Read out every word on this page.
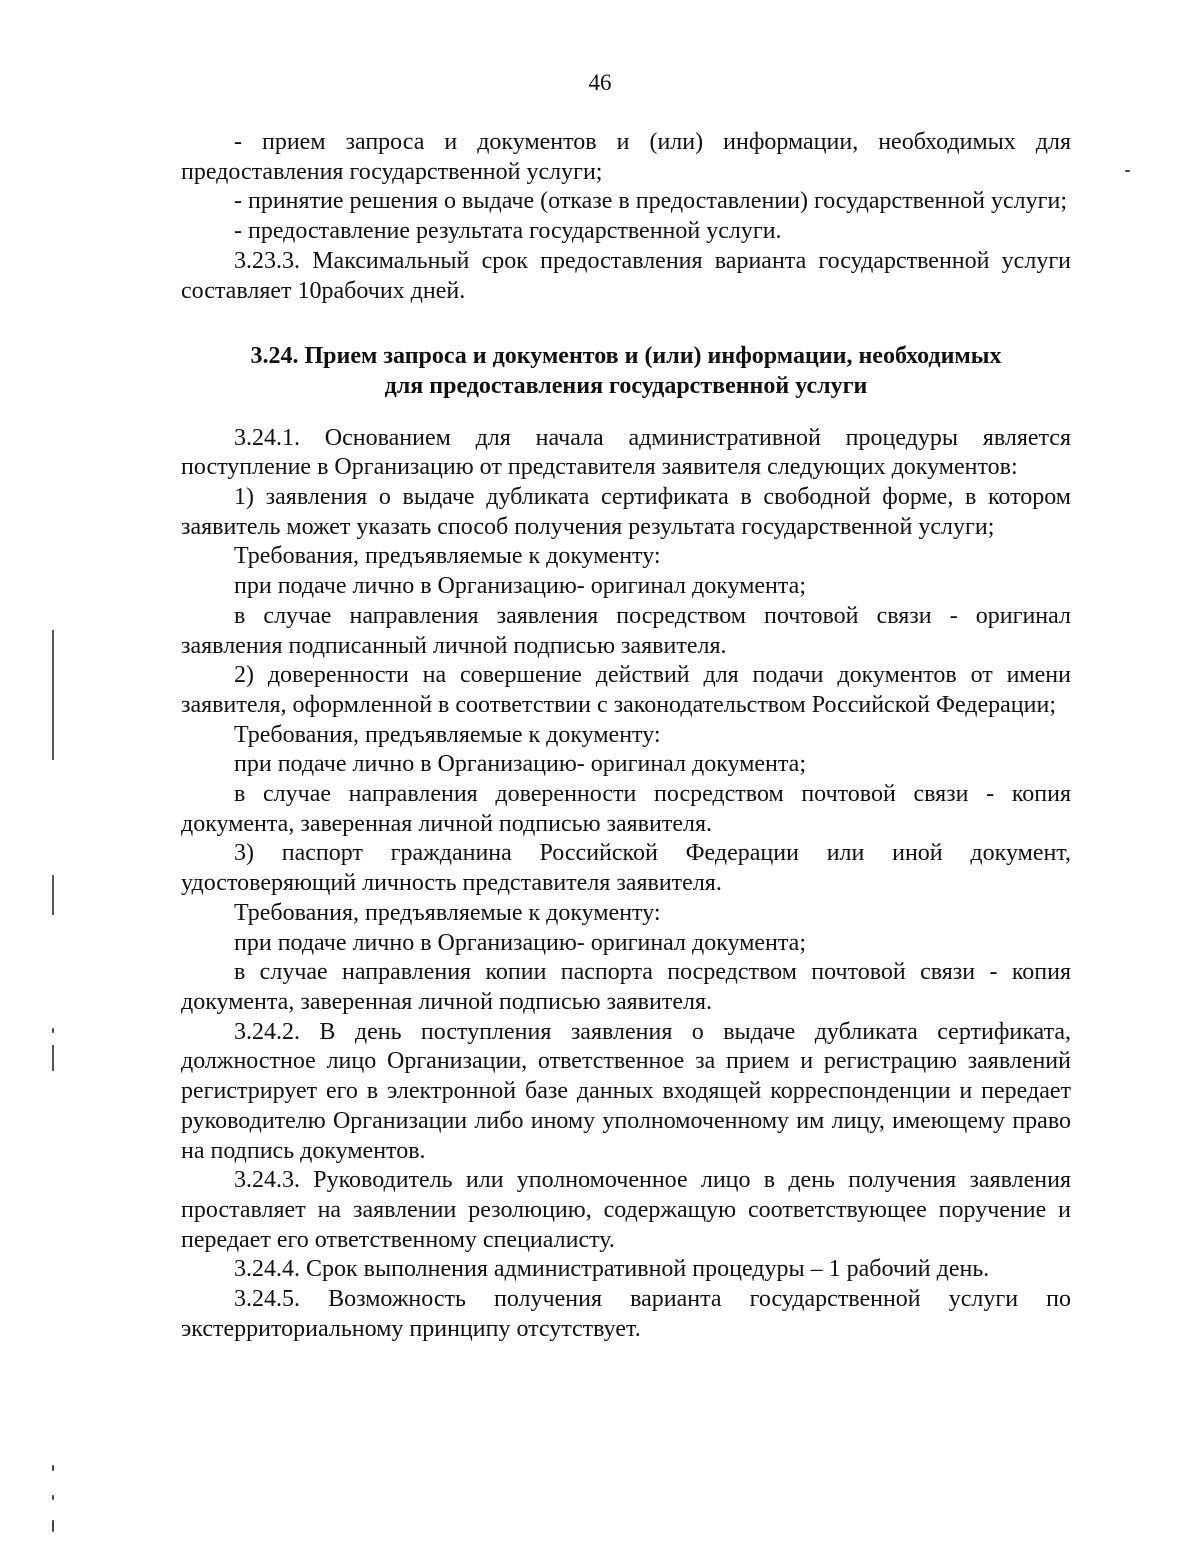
46

- прием запроса и документов и (или) информации, необходимых для предоставления государственной услуги;

- принятие решения о выдаче (отказе в предоставлении) государственной услуги;

- предоставление результата государственной услуги.

3.23.3. Максимальный срок предоставления варианта государственной услуги составляет 10рабочих дней.

3.24. Прием запроса и документов и (или) информации, необходимых
для предоставления государственной услуги

3.24.1. Основанием для начала административной процедуры является поступление в Организацию от представителя заявителя следующих документов:

1) заявления о выдаче дубликата сертификата в свободной форме, в котором заявитель может указать способ получения результата государственной услуги;

Требования, предъявляемые к документу:

при подаче лично в Организацию- оригинал документа;

в случае направления заявления посредством почтовой связи - оригинал заявления подписанный личной подписью заявителя.

2) доверенности на совершение действий для подачи документов от имени заявителя, оформленной в соответствии с законодательством Российской Федерации;

Требования, предъявляемые к документу:

при подаче лично в Организацию- оригинал документа;

в случае направления доверенности посредством почтовой связи - копия документа, заверенная личной подписью заявителя.

3) паспорт гражданина Российской Федерации или иной документ, удостоверяющий личность представителя заявителя.

Требования, предъявляемые к документу:

при подаче лично в Организацию- оригинал документа;

в случае направления копии паспорта посредством почтовой связи - копия документа, заверенная личной подписью заявителя.

3.24.2. В день поступления заявления о выдаче дубликата сертификата, должностное лицо Организации, ответственное за прием и регистрацию заявлений регистрирует его в электронной базе данных входящей корреспонденции и передает руководителю Организации либо иному уполномоченному им лицу, имеющему право на подпись документов.

3.24.3. Руководитель или уполномоченное лицо в день получения заявления проставляет на заявлении резолюцию, содержащую соответствующее поручение и передает его ответственному специалисту.

3.24.4. Срок выполнения административной процедуры – 1 рабочий день.

3.24.5. Возможность получения варианта государственной услуги по экстерриториальному принципу отсутствует.
